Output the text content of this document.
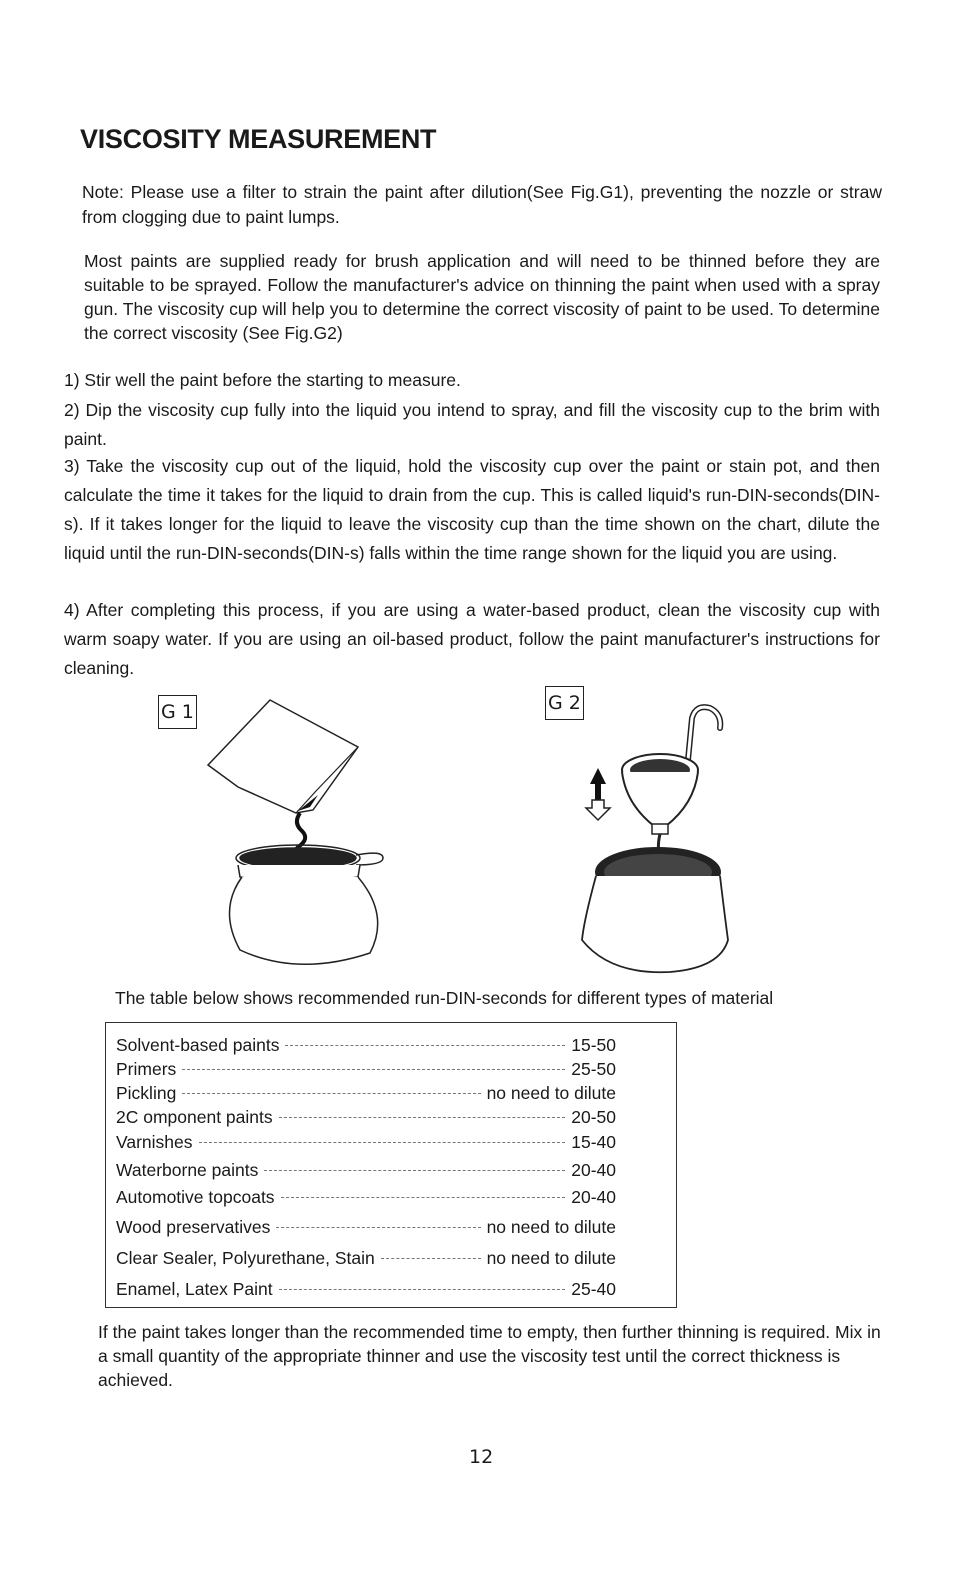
VISCOSITY MEASUREMENT
Note: Please use a filter to strain the paint after dilution(See Fig.G1), preventing the nozzle or straw from clogging due to paint lumps.
Most paints are supplied ready for brush application and will need to be thinned before they are suitable to be sprayed. Follow the manufacturer's advice on thinning the paint when used with a spray gun. The viscosity cup will help you to determine the correct viscosity of paint to be used. To determine the correct viscosity (See Fig.G2)
1) Stir well the paint before the starting to measure.
2) Dip the viscosity cup fully into the liquid you intend to spray, and fill the viscosity cup to the brim with paint.
3) Take the viscosity cup out of the liquid, hold the viscosity cup over the paint or stain pot, and then calculate the time it takes for the liquid to drain from the cup. This is called liquid's run-DIN-seconds(DIN-s). If it takes longer for the liquid to leave the viscosity cup than the time shown on the chart, dilute the liquid until the run-DIN-seconds(DIN-s) falls within the time range shown for the liquid you are using.
4) After completing this process, if you are using a water-based product, clean the viscosity cup with warm soapy water. If you are using an oil-based product, follow the paint manufacturer's instructions for cleaning.
G 1	G 2
The table below shows recommended run-DIN-seconds for different types of material
Solvent-based paints	15-50
Primers	25-50
Pickling	no need to dilute
2C omponent paints	20-50
Varnishes	15-40
Waterborne paints	20-40
Automotive topcoats	20-40
Wood preservatives	no need to dilute
Clear Sealer, Polyurethane, Stain	no need to dilute
Enamel, Latex Paint	25-40
If the paint takes longer than the recommended time to empty, then further thinning is required. Mix in a small quantity of the appropriate thinner and use the viscosity test until the correct thickness is achieved.
12
